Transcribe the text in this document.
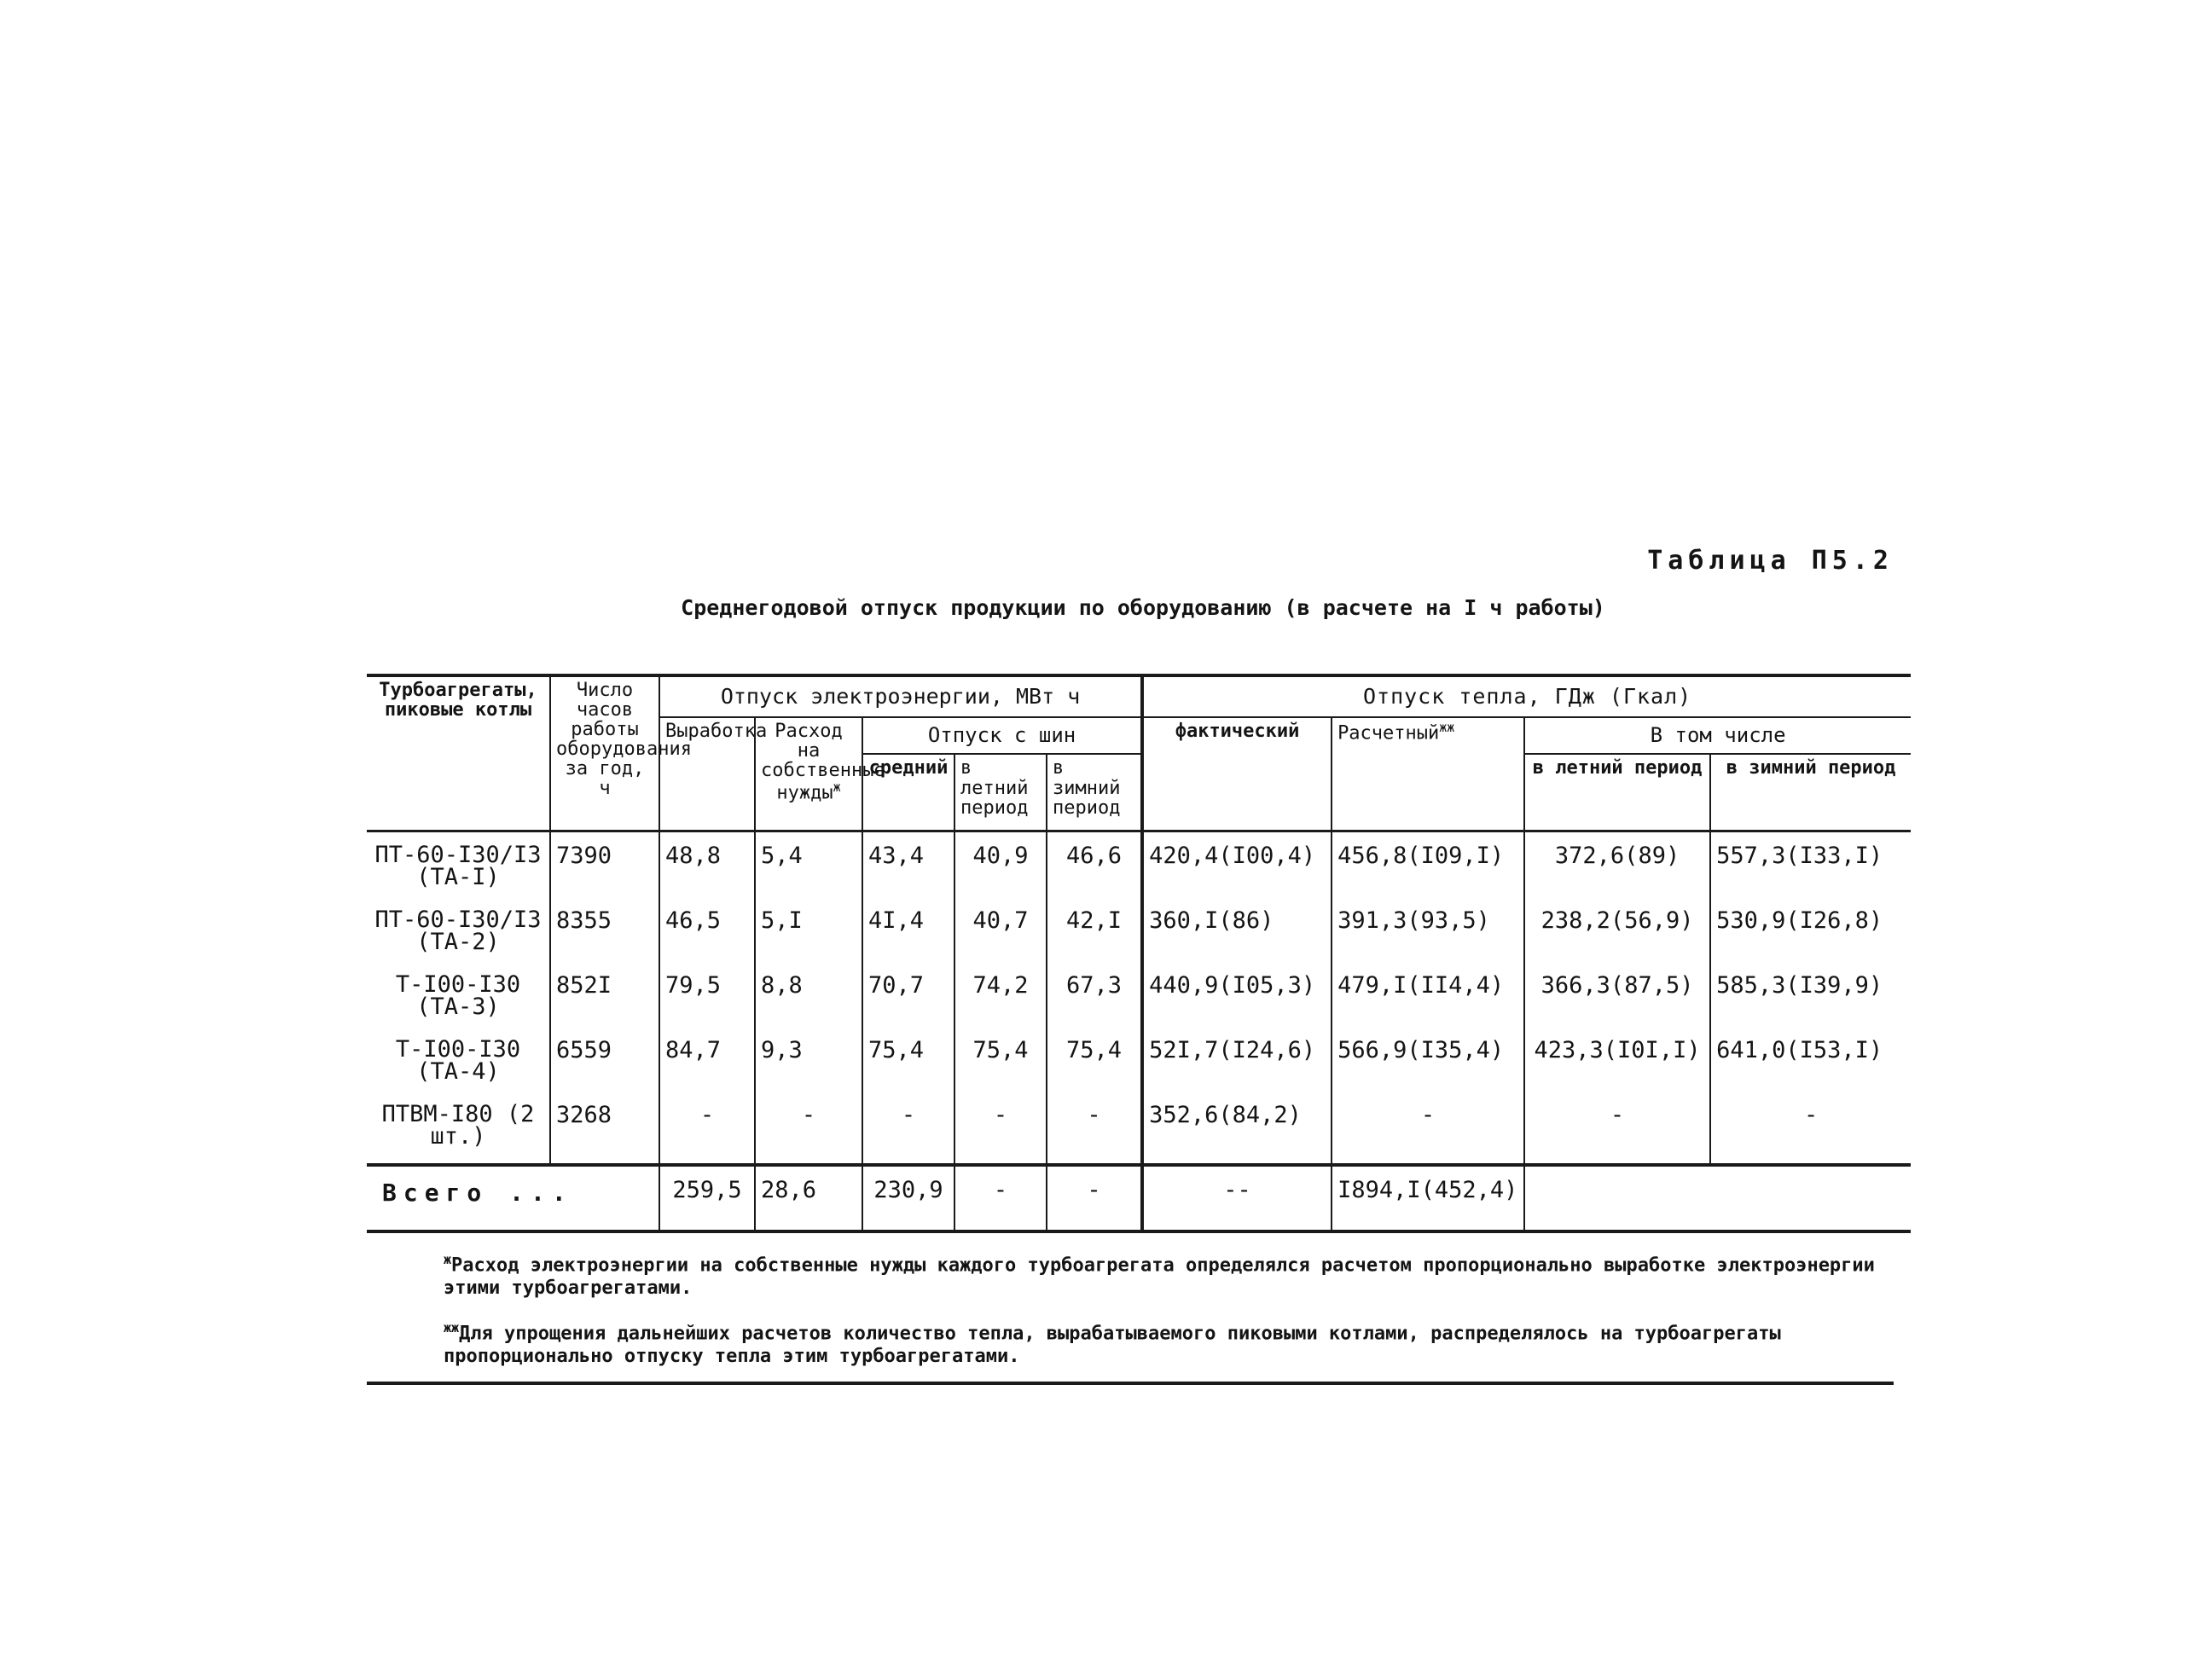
Таблица П5.2
Среднегодовой отпуск продукции по оборудованию (в расчете на I ч работы)
Турбоагрегаты, пиковые котлы	Число часов работы оборудования за год, ч	Отпуск электроэнергии, МВт ч					Отпуск тепла, ГДж (Гкал)			
		Выработка	Расход на собственные нужды$^ж$	Отпуск с шин			фактический	Расчетный$^{жж}$	В том числе	
				средний	в летний период	в зимний период			в летний период	в зимний период
ПТ-60-I30/I3 (ТА-I)	7390	48,8	5,4	43,4	40,9	46,6	420,4(I00,4)	456,8(I09,I)	372,6(89)	557,3(I33,I)
ПТ-60-I30/I3 (ТА-2)	8355	46,5	5,I	4I,4	40,7	42,I	360,I(86)	391,3(93,5)	238,2(56,9)	530,9(I26,8)
Т-I00-I30 (ТА-3)	852I	79,5	8,8	70,7	74,2	67,3	440,9(I05,3)	479,I(II4,4)	366,3(87,5)	585,3(I39,9)
Т-I00-I30 (ТА-4)	6559	84,7	9,3	75,4	75,4	75,4	52I,7(I24,6)	566,9(I35,4)	423,3(I0I,I)	641,0(I53,I)
ПТВМ-I80 (2 шт.)	3268	-	-	-	-	-	352,6(84,2)	-	-	-
Всего ...		259,5	28,6	230,9	-	-	--	I894,I(452,4)		
$^ж$Расход электроэнергии на собственные нужды каждого турбоагрегата определялся расчетом пропорционально выработке электроэнергии этими турбоагрегатами.
$^{жж}$Для упрощения дальнейших расчетов количество тепла, вырабатываемого пиковыми котлами, распределялось на турбоагрегаты пропорционально отпуску тепла этим турбоагрегатами.
